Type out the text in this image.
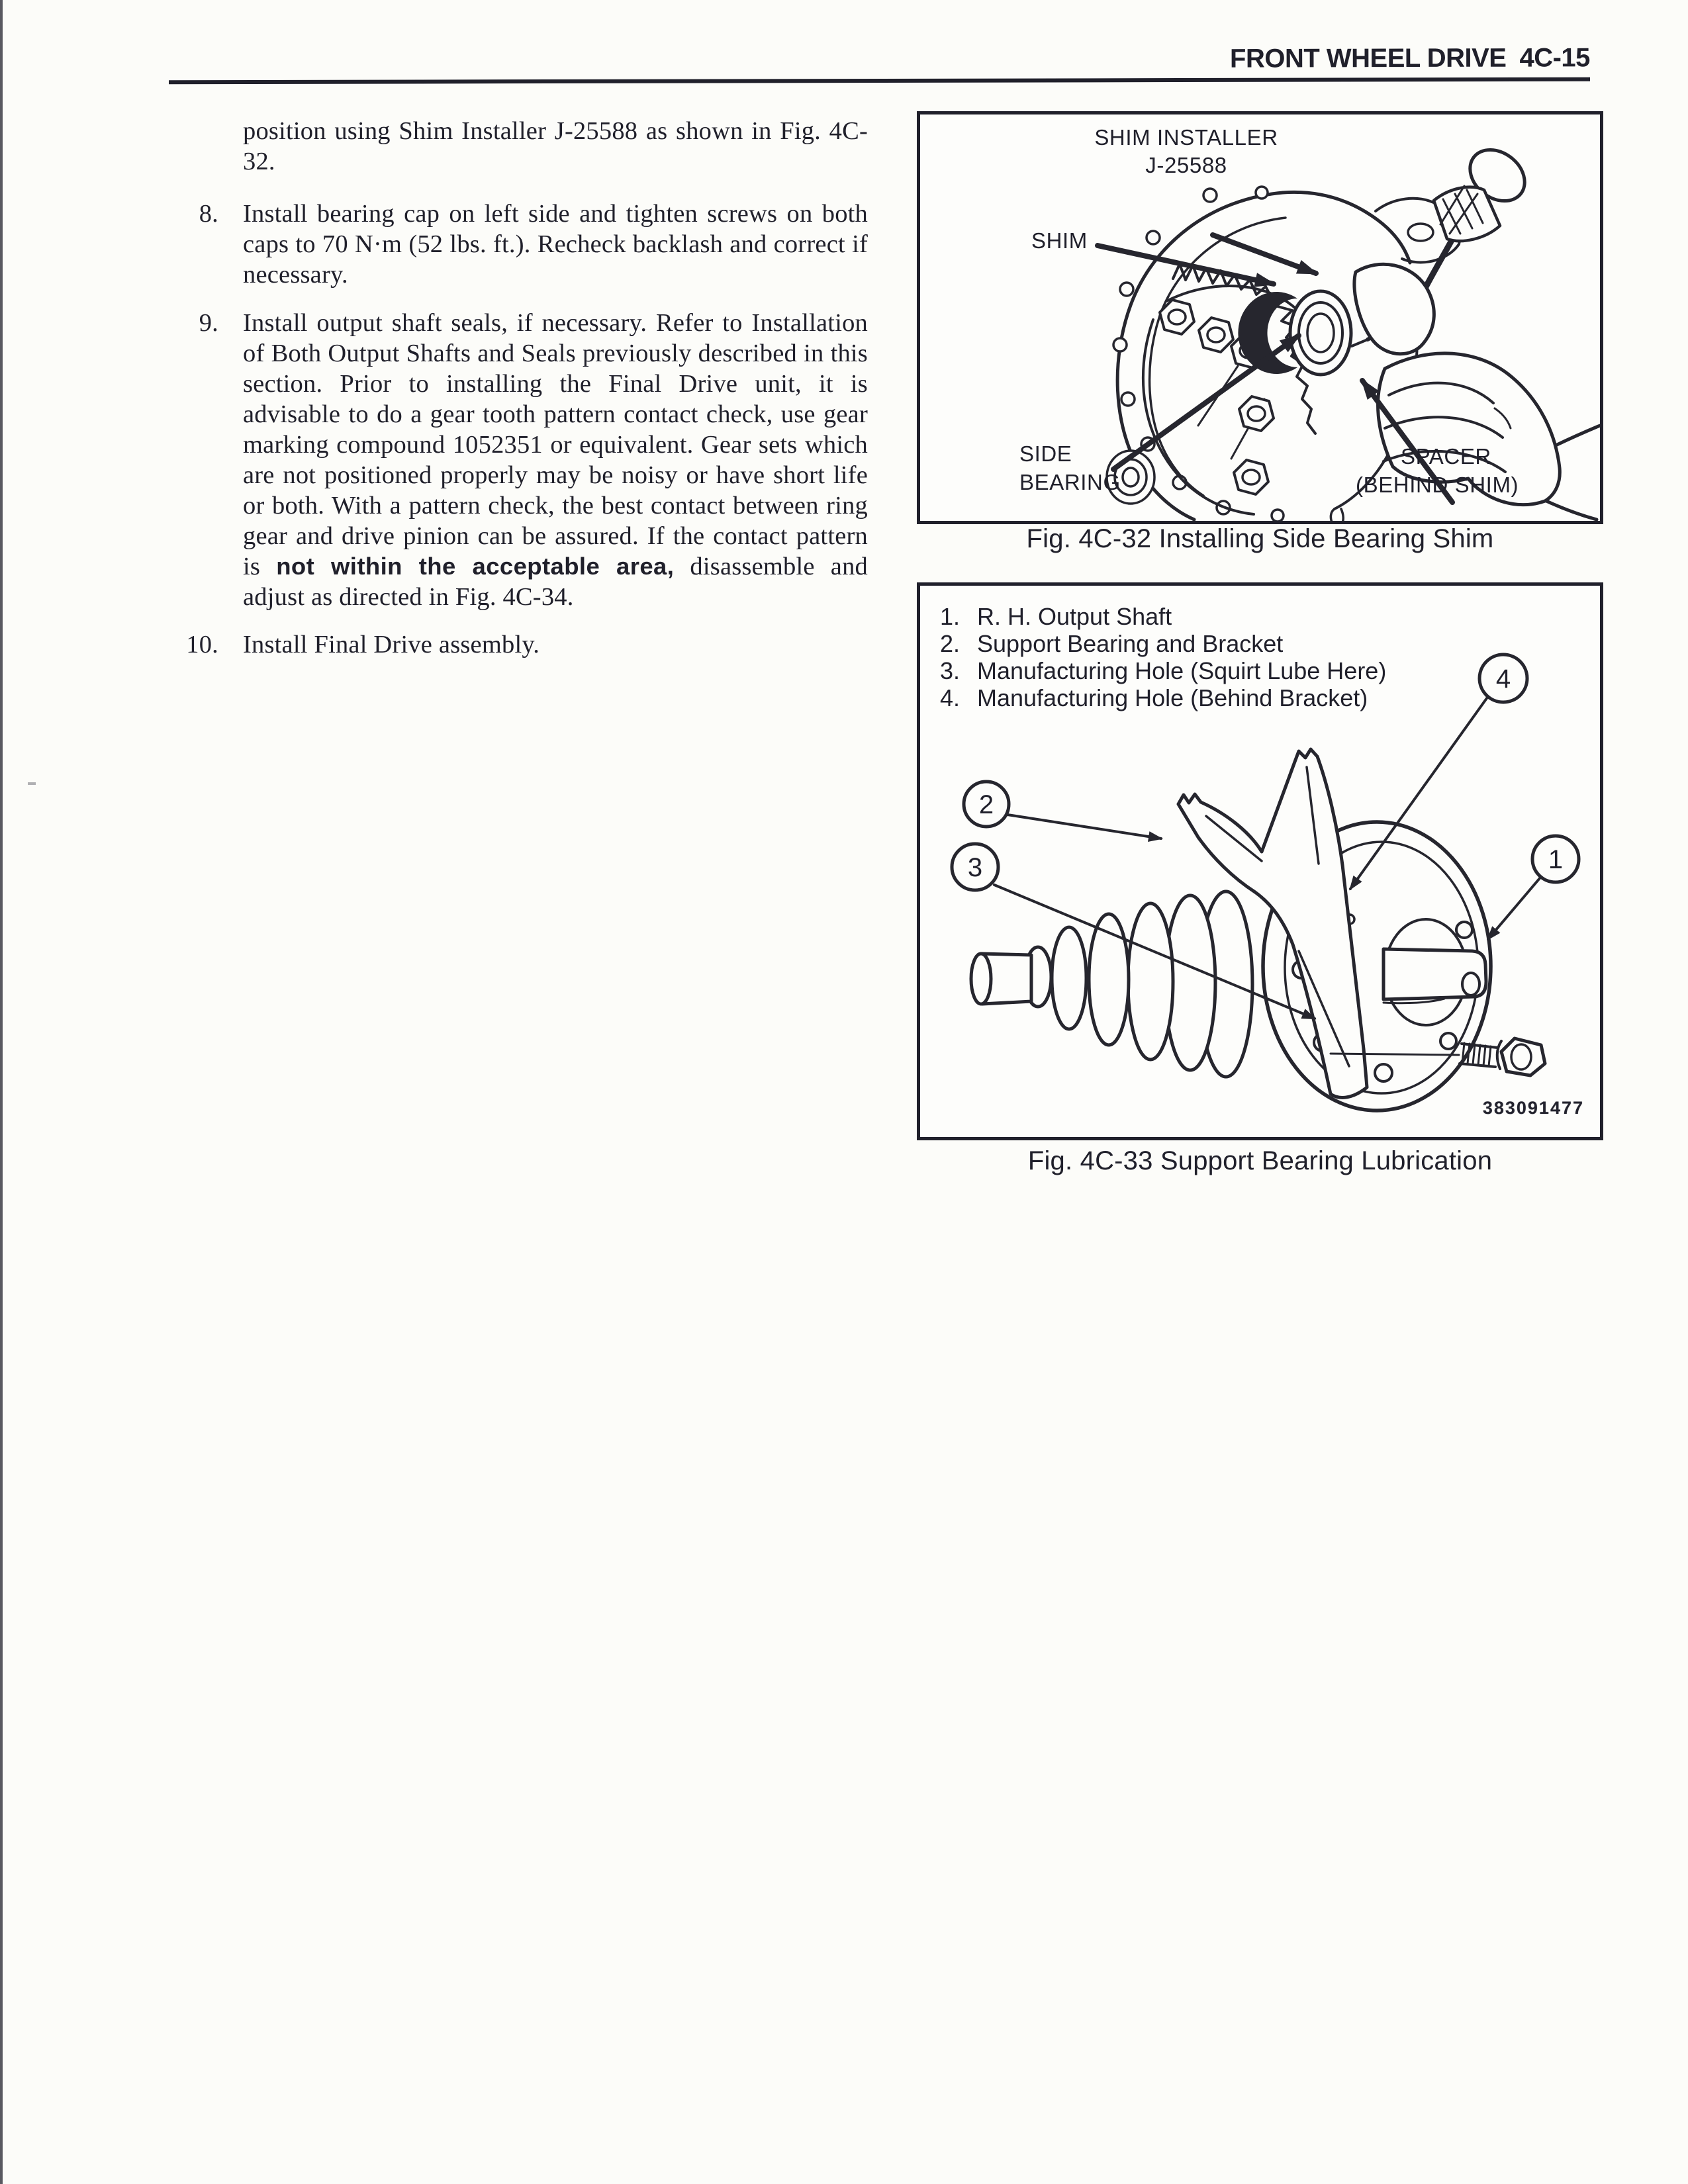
FRONT WHEEL DRIVE 4C-15
position using Shim Installer J-25588 as shown in Fig. 4C-32.
8. Install bearing cap on left side and tighten screws on both caps to 70 N·m (52 lbs. ft.). Recheck backlash and correct if necessary.
9. Install output shaft seals, if necessary. Refer to Installation of Both Output Shafts and Seals previously described in this section. Prior to installing the Final Drive unit, it is advisable to do a gear tooth pattern contact check, use gear marking compound 1052351 or equivalent. Gear sets which are not positioned properly may be noisy or have short life or both. With a pattern check, the best contact between ring gear and drive pinion can be assured. If the contact pattern is not within the acceptable area, disassemble and adjust as directed in Fig. 4C-34.
10. Install Final Drive assembly.
SHIM INSTALLER
J-25588
SHIM
SIDE
BEARING
SPACER
(BEHIND SHIM)
Fig. 4C-32 Installing Side Bearing Shim
2
3	1
4
1. R. H. Output Shaft
2. Support Bearing and Bracket
3. Manufacturing Hole (Squirt Lube Here)
4. Manufacturing Hole (Behind Bracket)
383091477
Fig. 4C-33 Support Bearing Lubrication
